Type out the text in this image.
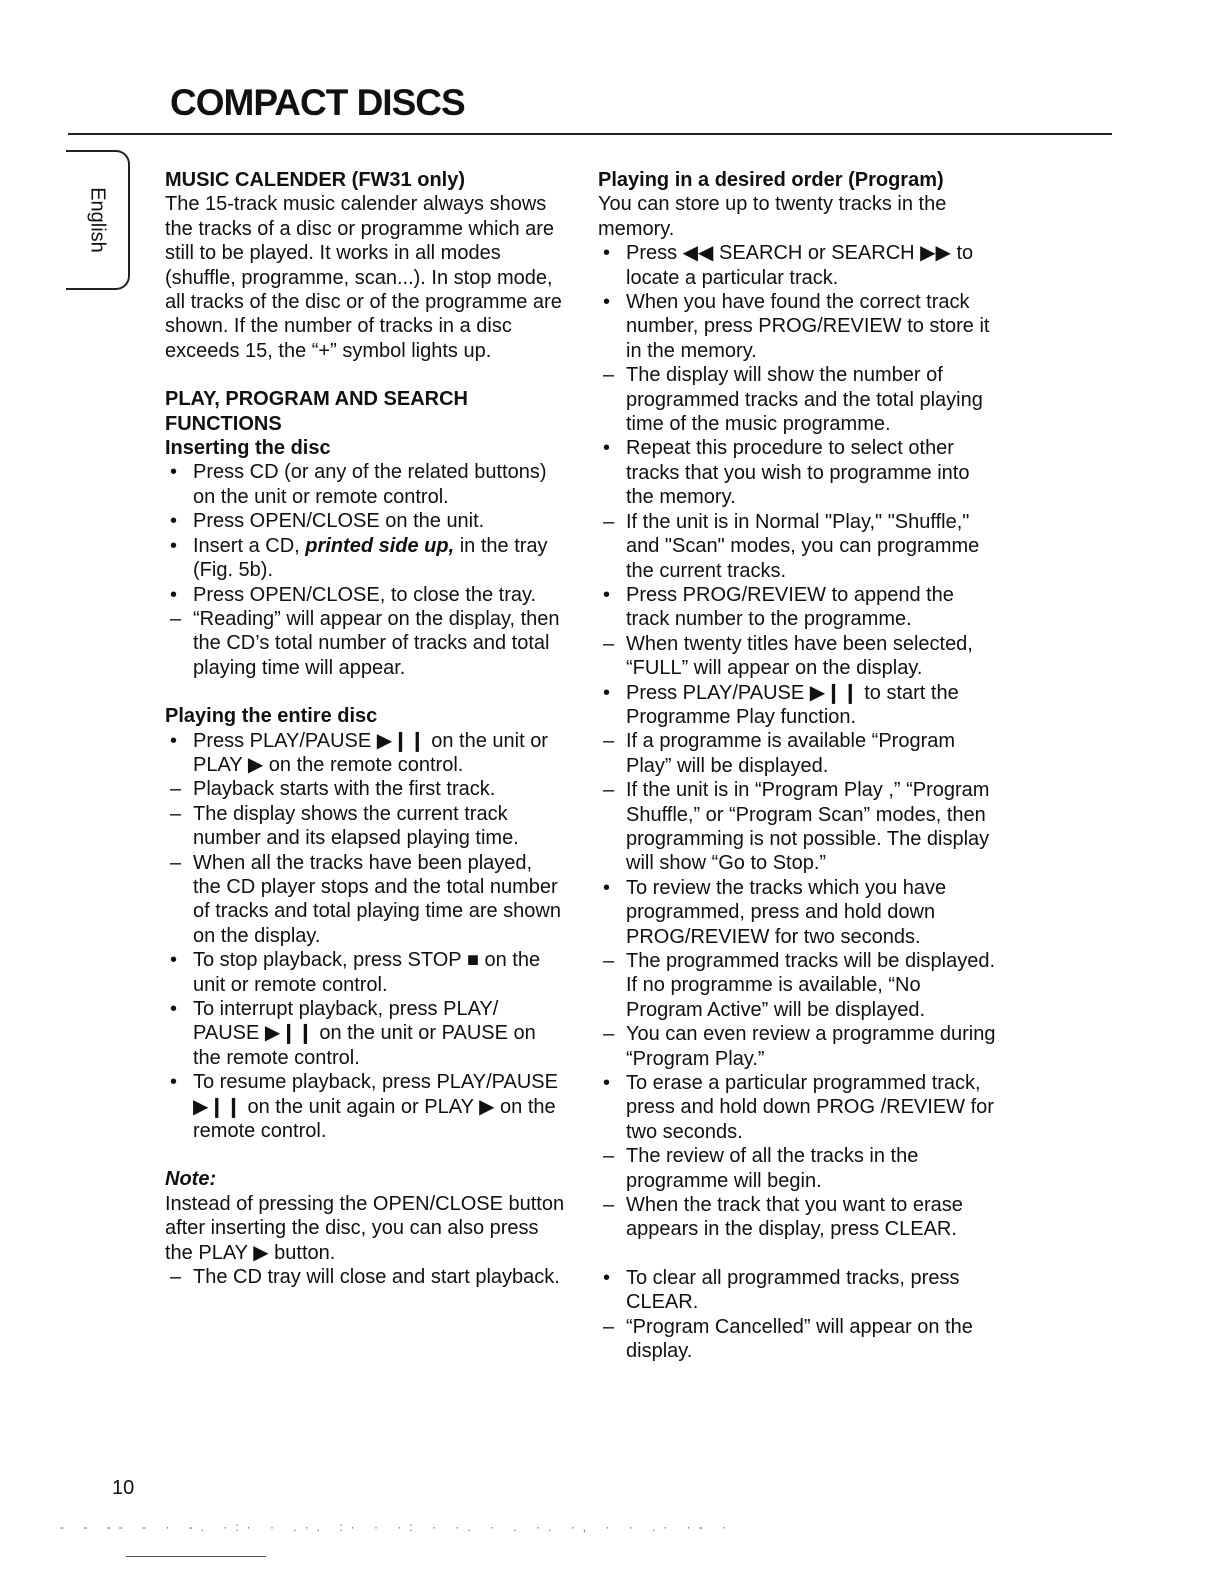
COMPACT DISCS
English
MUSIC CALENDER (FW31 only)

The 15-track music calender always shows the tracks of a disc or programme which are still to be played. It works in all modes (shuffle, programme, scan...). In stop mode, all tracks of the disc or of the programme are shown. If the number of tracks in a disc exceeds 15, the “+” symbol lights up.

PLAY, PROGRAM AND SEARCH FUNCTIONS
Inserting the disc
• Press CD (or any of the related buttons) on the unit or remote control.
• Press OPEN/CLOSE on the unit.
• Insert a CD, printed side up, in the tray (Fig. 5b).
• Press OPEN/CLOSE, to close the tray.
– “Reading” will appear on the display, then the CD’s total number of tracks and total playing time will appear.
Playing the entire disc
• Press PLAY/PAUSE ▶❙❙ on the unit or PLAY ▶ on the remote control.
– Playback starts with the first track.
– The display shows the current track number and its elapsed playing time.
– When all the tracks have been played, the CD player stops and the total number of tracks and total playing time are shown on the display.
• To stop playback, press STOP ■ on the unit or remote control.
• To interrupt playback, press PLAY/ PAUSE ▶❙❙ on the unit or PAUSE on the remote control.
• To resume playback, press PLAY/PAUSE ▶❙❙ on the unit again or PLAY ▶ on the remote control.

Note:

Instead of pressing the OPEN/CLOSE button after inserting the disc, you can also press the PLAY ▶ button.

– The CD tray will close and start playback.
Playing in a desired order (Program)

You can store up to twenty tracks in the memory.

• Press ◀◀ SEARCH or SEARCH ▶▶ to locate a particular track.
• When you have found the correct track number, press PROG/REVIEW to store it in the memory.
– The display will show the number of programmed tracks and the total playing time of the music programme.
• Repeat this procedure to select other tracks that you wish to programme into the memory.
– If the unit is in Normal "Play," "Shuffle," and "Scan" modes, you can programme the current tracks.
• Press PROG/REVIEW to append the track number to the programme.
– When twenty titles have been selected, “FULL” will appear on the display.
• Press PLAY/PAUSE ▶❙❙ to start the Programme Play function.
– If a programme is available “Program Play” will be displayed.
– If the unit is in “Program Play ,” “Program Shuffle,” or “Program Scan” modes, then programming is not possible. The display will show “Go to Stop.”
• To review the tracks which you have programmed, press and hold down PROG/REVIEW for two seconds.
– The programmed tracks will be displayed. If no programme is available, “No Program Active” will be displayed.
– You can even review a programme during “Program Play.”
• To erase a particular programmed track, press and hold down PROG /REVIEW for two seconds.
– The review of all the tracks in the programme will begin.
– When the track that you want to erase appears in the display, press CLEAR.
• To clear all programmed tracks, press CLEAR.
– “Program Cancelled” will appear on the display.
10
- - -- - · -. ·:· · .·. :· · ·: · ·. · . ·. ·, · · .· ·- ·
